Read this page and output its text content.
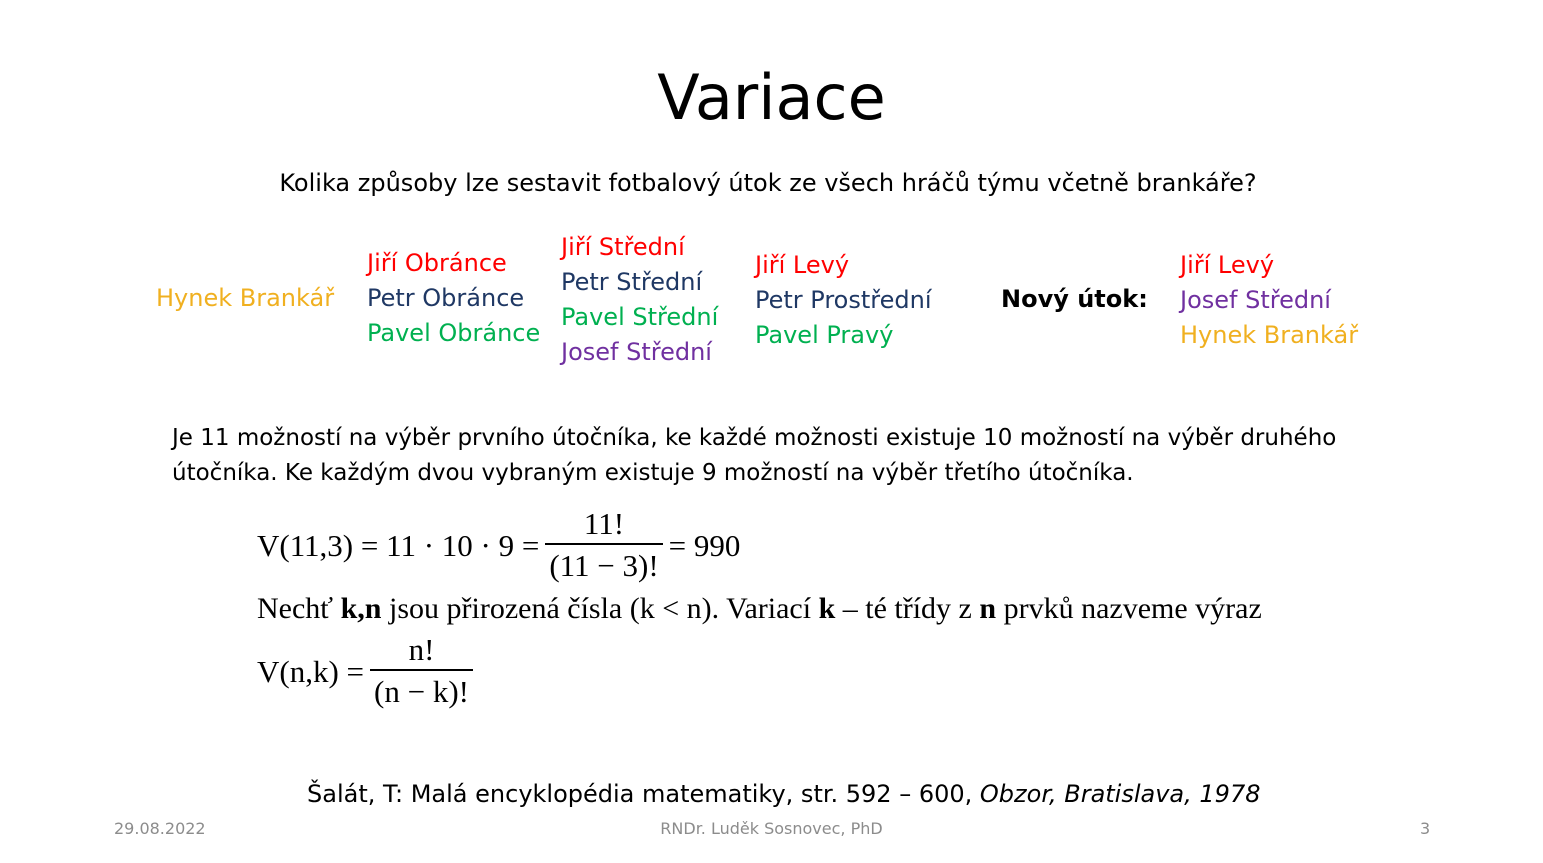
Variace
Kolika způsoby lze sestavit fotbalový útok ze všech hráčů týmu včetně brankáře?
Hynek Brankář
Jiří Obránce
Petr Obránce
Pavel Obránce
Jiří Střední
Petr Střední
Pavel Střední
Josef Střední
Jiří Levý
Petr Prostřední
Pavel Pravý
Nový útok:
Jiří Levý
Josef Střední
Hynek Brankář
Je 11 možností na výběr prvního útočníka, ke každé možnosti existuje 10 možností na výběr druhého
útočníka. Ke každým dvou vybraným existuje 9 možností na výběr třetího útočníka.
$V(11,3) = 11 \cdot 10 \cdot 9 = \frac{11!}{(11 - 3)!} = 990$
Nechť k,n jsou přirozená čísla (k < n). Variací k – té třídy z n prvků nazveme výraz
$V(n,k) = \frac{n!}{(n - k)!}$
Šalát, T: Malá encyklopédia matematiky, str. 592 – 600, Obzor, Bratislava, 1978
29.08.2022	RNDr. Luděk Sosnovec, PhD	3
